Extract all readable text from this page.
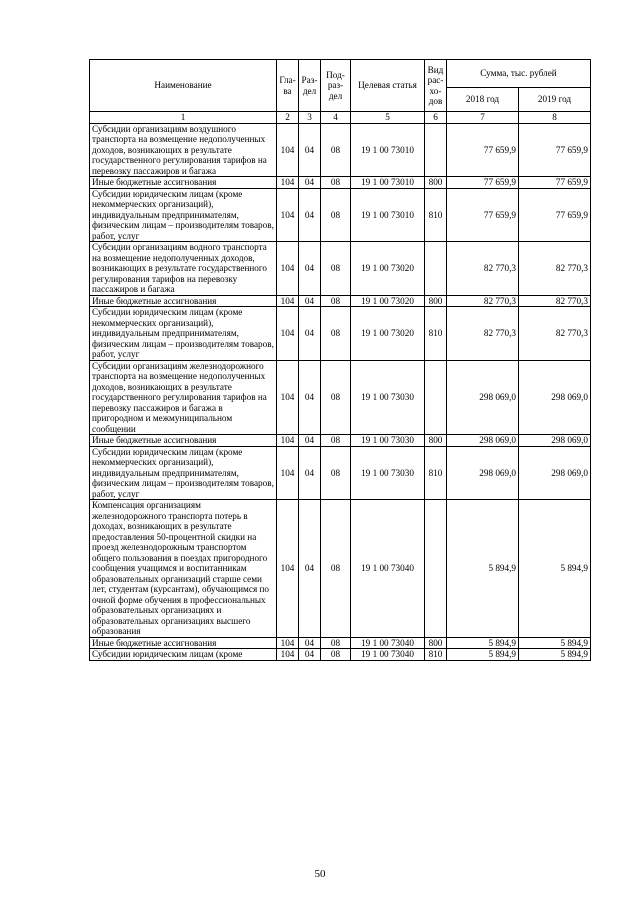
Наименование	Гла-ва	Раз-дел	Под-раз-дел	Целевая статья	Вид рас-хо-дов	Сумма, тыс. рублей	
						2018 год	2019 год
1	2	3	4	5	6	7	8
Субсидии организациям воздушного транспорта на возмещение недополученных доходов, возникающих в результате государственного регулирования тарифов на перевозку пассажиров и багажа	104	04	08	19 1 00 73010		77 659,9	77 659,9
Иные бюджетные ассигнования	104	04	08	19 1 00 73010	800	77 659,9	77 659,9
Субсидии юридическим лицам (кроме некоммерческих организаций), индивидуальным предпринимателям, физическим лицам – производителям товаров, работ, услуг	104	04	08	19 1 00 73010	810	77 659,9	77 659,9
Субсидии организациям водного транспорта на возмещение недополученных доходов, возникающих в результате государственного регулирования тарифов на перевозку пассажиров и багажа	104	04	08	19 1 00 73020		82 770,3	82 770,3
Иные бюджетные ассигнования	104	04	08	19 1 00 73020	800	82 770,3	82 770,3
Субсидии юридическим лицам (кроме некоммерческих организаций), индивидуальным предпринимателям, физическим лицам – производителям товаров, работ, услуг	104	04	08	19 1 00 73020	810	82 770,3	82 770,3
Субсидии организациям железнодорожного транспорта на возмещение недополученных доходов, возникающих в результате государственного регулирования тарифов на перевозку пассажиров и багажа в пригородном и межмуниципальном сообщении	104	04	08	19 1 00 73030		298 069,0	298 069,0
Иные бюджетные ассигнования	104	04	08	19 1 00 73030	800	298 069,0	298 069,0
Субсидии юридическим лицам (кроме некоммерческих организаций), индивидуальным предпринимателям, физическим лицам – производителям товаров, работ, услуг	104	04	08	19 1 00 73030	810	298 069,0	298 069,0
Компенсация организациям железнодорожного транспорта потерь в доходах, возникающих в результате предоставления 50-процентной скидки на проезд железнодорожным транспортом общего пользования в поездах пригородного сообщения учащимся и воспитанникам образовательных организаций старше семи лет, студентам (курсантам), обучающимся по очной форме обучения в профессиональных образовательных организациях и образовательных организациях высшего образования	104	04	08	19 1 00 73040		5 894,9	5 894,9
Иные бюджетные ассигнования	104	04	08	19 1 00 73040	800	5 894,9	5 894,9
Субсидии юридическим лицам (кроме	104	04	08	19 1 00 73040	810	5 894,9	5 894,9
50
